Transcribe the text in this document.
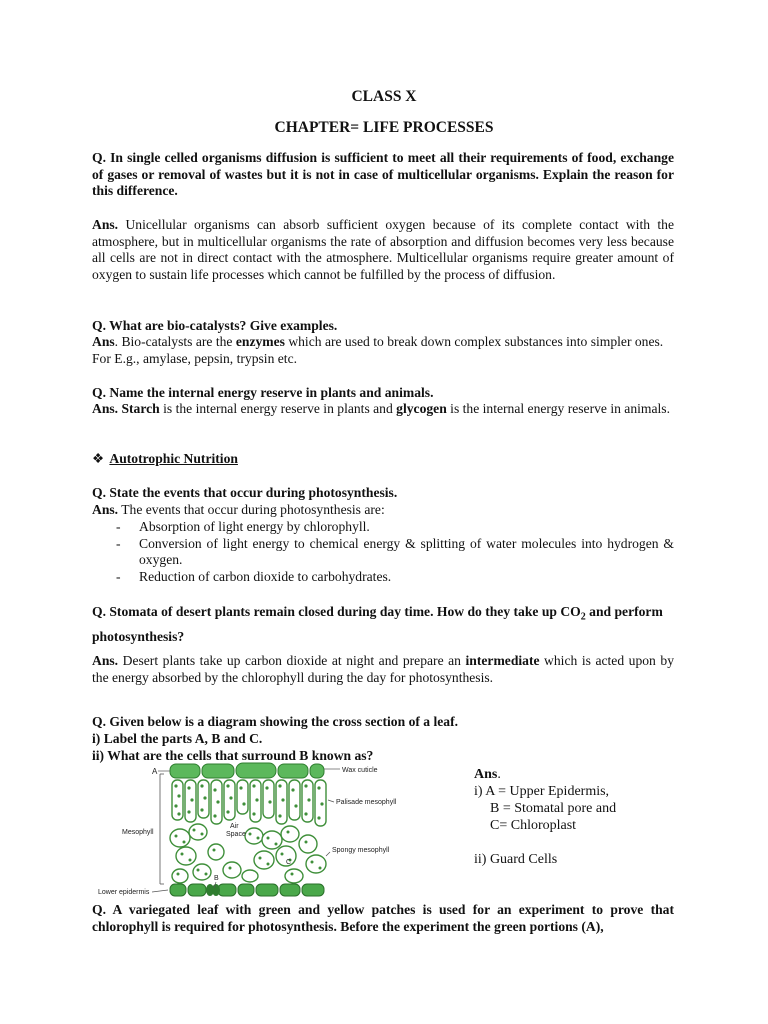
CLASS X
CHAPTER= LIFE PROCESSES

Q. In single celled organisms diffusion is sufficient to meet all their requirements of food, exchange of gases or removal of wastes but it is not in case of multicellular organisms. Explain the reason for this difference.

Ans. Unicellular organisms can absorb sufficient oxygen because of its complete contact with the atmosphere, but in multicellular organisms the rate of absorption and diffusion becomes very less because all cells are not in direct contact with the atmosphere. Multicellular organisms require greater amount of oxygen to sustain life processes which cannot be fulfilled by the process of diffusion.

Q. What are bio-catalysts? Give examples.

Ans. Bio-catalysts are the enzymes which are used to break down complex substances into simpler ones. For E.g., amylase, pepsin, trypsin etc.

Q. Name the internal energy reserve in plants and animals.

Ans. Starch is the internal energy reserve in plants and glycogen is the internal energy reserve in animals.

❖ Autotrophic Nutrition

Q. State the events that occur during photosynthesis.

Ans. The events that occur during photosynthesis are:

- Absorption of light energy by chlorophyll.
- Conversion of light energy to chemical energy & splitting of water molecules into hydrogen & oxygen.
- Reduction of carbon dioxide to carbohydrates.

Q. Stomata of desert plants remain closed during day time. How do they take up $CO_2$ and perform photosynthesis?

Ans. Desert plants take up carbon dioxide at night and prepare an intermediate which is acted upon by the energy absorbed by the chlorophyll during the day for photosynthesis.

Q. Given below is a diagram showing the cross section of a leaf.

i) Label the parts A, B and C.

ii) What are the cells that surround B known as?

A	Wax cuticle
Palisade mesophyll
Mesophyll
Air
Space
Spongy mesophyll
C
B
Lower epidermis
Ans.
i) A = Upper Epidermis,
B = Stomatal pore and
C= Chloroplast
ii) Guard Cells

Q. A variegated leaf with green and yellow patches is used for an experiment to prove that chlorophyll is required for photosynthesis. Before the experiment the green portions (A),
